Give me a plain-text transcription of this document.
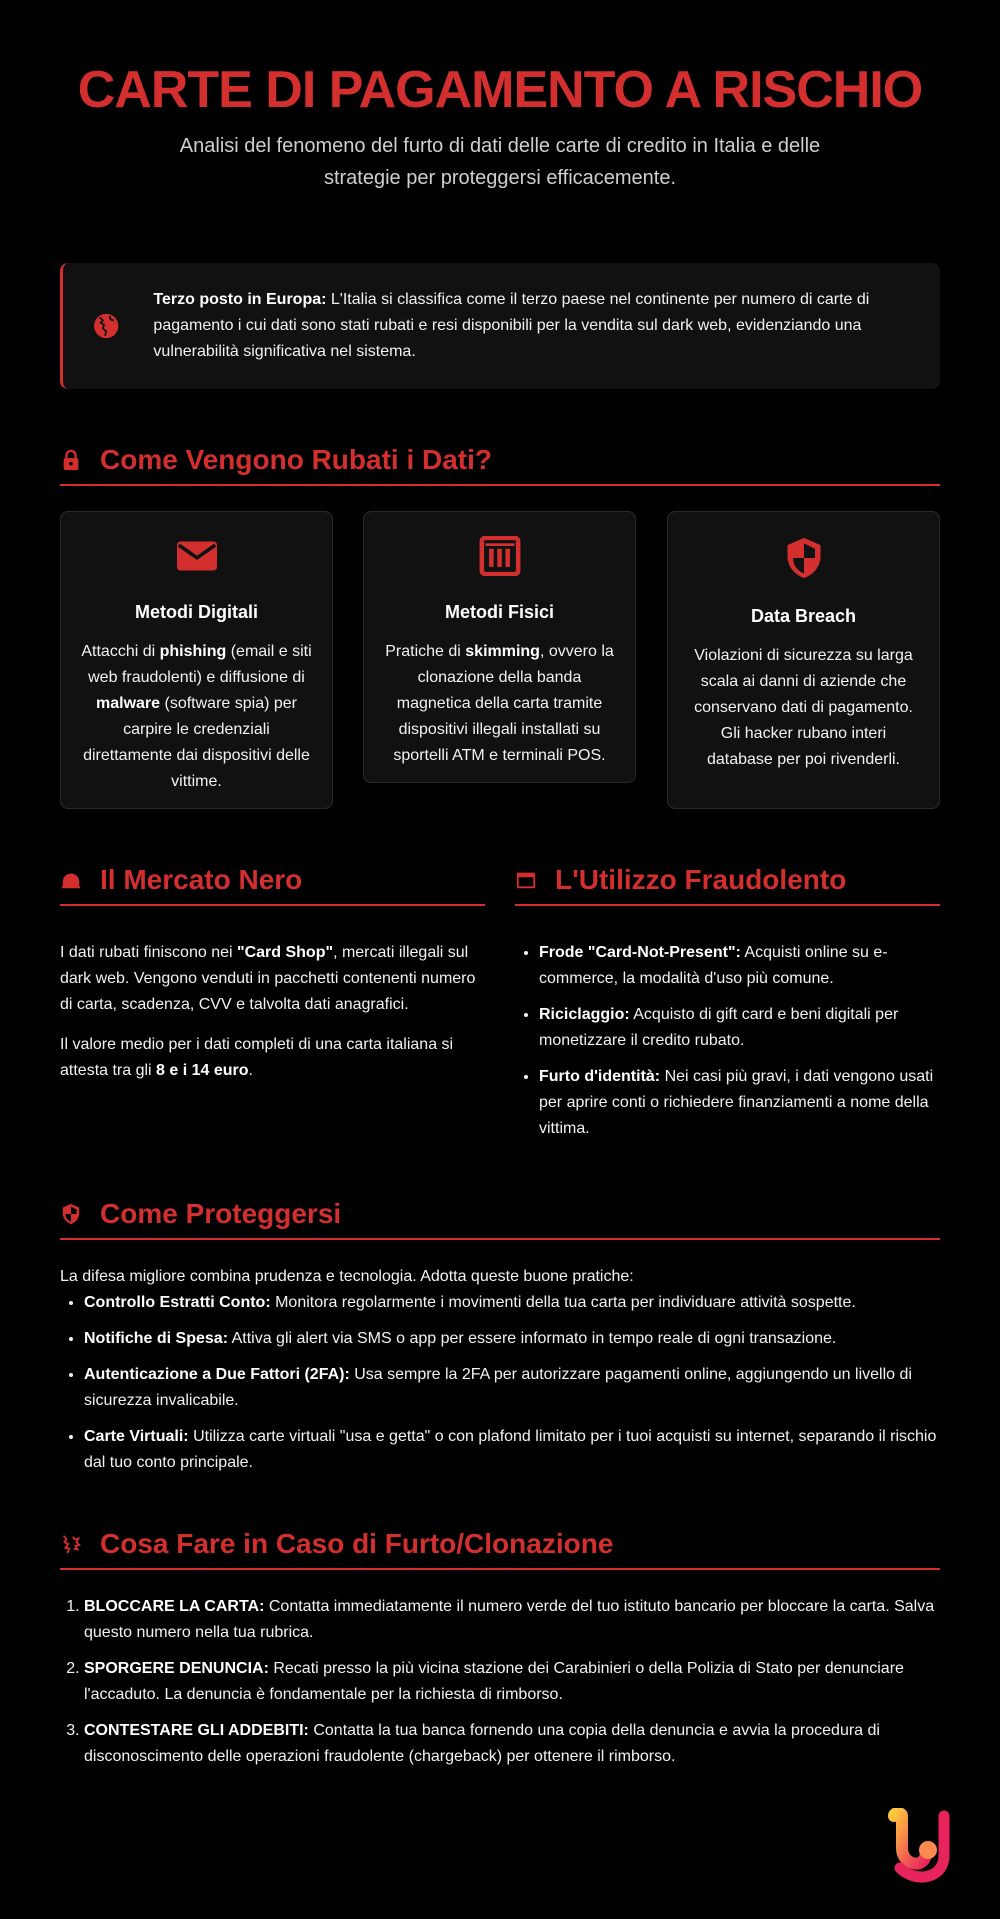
CARTE DI PAGAMENTO A RISCHIO

Analisi del fenomeno del furto di dati delle carte di credito in Italia e delle strategie per proteggersi efficacemente.

Terzo posto in Europa: L'Italia si classifica come il terzo paese nel continente per numero di carte di pagamento i cui dati sono stati rubati e resi disponibili per la vendita sul dark web, evidenziando una vulnerabilità significativa nel sistema.
Come Vengono Rubati i Dati?
Metodi Digitali

Attacchi di phishing (email e siti web fraudolenti) e diffusione di malware (software spia) per carpire le credenziali direttamente dai dispositivi delle vittime.

Metodi Fisici

Pratiche di skimming, ovvero la clonazione della banda magnetica della carta tramite dispositivi illegali installati su sportelli ATM e terminali POS.

Data Breach

Violazioni di sicurezza su larga scala ai danni di aziende che conservano dati di pagamento. Gli hacker rubano interi database per poi rivenderli.

Il Mercato Nero	L'Utilizzo Fraudolento

I dati rubati finiscono nei "Card Shop", mercati illegali sul dark web. Vengono venduti in pacchetti contenenti numero di carta, scadenza, CVV e talvolta dati anagrafici.

Il valore medio per i dati completi di una carta italiana si attesta tra gli 8 e i 14 euro.

• Frode "Card-Not-Present": Acquisti online su e-commerce, la modalità d'uso più comune.
• Riciclaggio: Acquisto di gift card e beni digitali per monetizzare il credito rubato.
• Furto d'identità: Nei casi più gravi, i dati vengono usati per aprire conti o richiedere finanziamenti a nome della vittima.
Come Proteggersi

La difesa migliore combina prudenza e tecnologia. Adotta queste buone pratiche:

• Controllo Estratti Conto: Monitora regolarmente i movimenti della tua carta per individuare attività sospette.
• Notifiche di Spesa: Attiva gli alert via SMS o app per essere informato in tempo reale di ogni transazione.
• Autenticazione a Due Fattori (2FA): Usa sempre la 2FA per autorizzare pagamenti online, aggiungendo un livello di sicurezza invalicabile.
• Carte Virtuali: Utilizza carte virtuali "usa e getta" o con plafond limitato per i tuoi acquisti su internet, separando il rischio dal tuo conto principale.
Cosa Fare in Caso di Furto/Clonazione
1. BLOCCARE LA CARTA: Contatta immediatamente il numero verde del tuo istituto bancario per bloccare la carta. Salva questo numero nella tua rubrica.
2. SPORGERE DENUNCIA: Recati presso la più vicina stazione dei Carabinieri o della Polizia di Stato per denunciare l'accaduto. La denuncia è fondamentale per la richiesta di rimborso.
3. CONTESTARE GLI ADDEBITI: Contatta la tua banca fornendo una copia della denuncia e avvia la procedura di disconoscimento delle operazioni fraudolente (chargeback) per ottenere il rimborso.
